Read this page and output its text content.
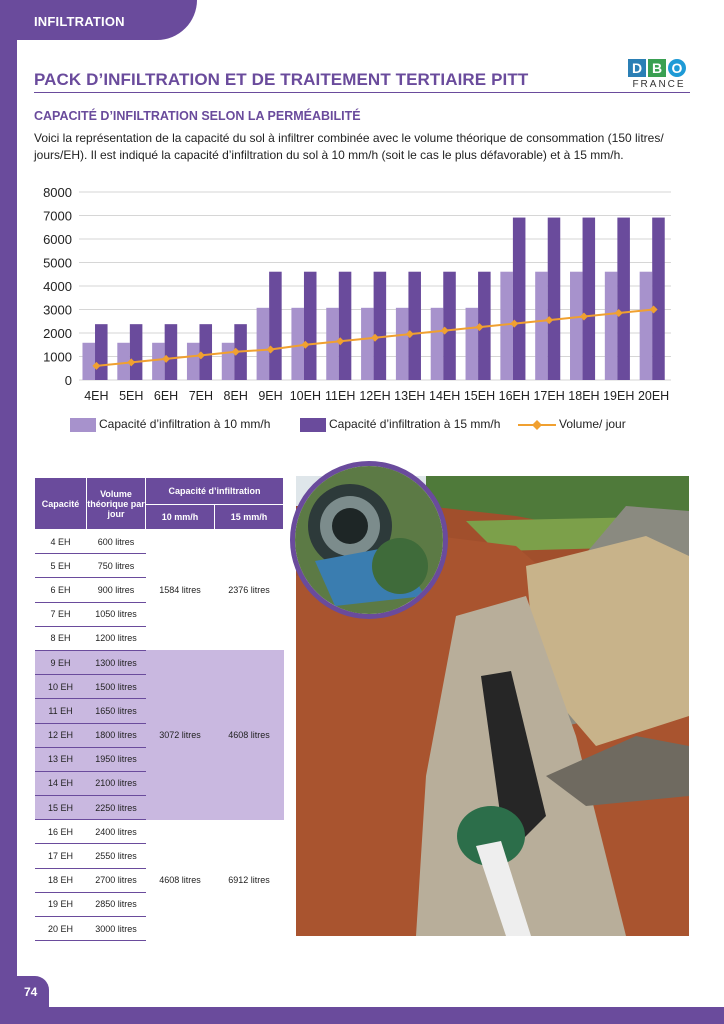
INFILTRATION
PACK D’INFILTRATION ET DE TRAITEMENT TERTIAIRE PITT
D B O
FRANCE
CAPACITÉ D’INFILTRATION SELON LA PERMÉABILITÉ
Voici la représentation de la capacité du sol à infiltrer combinée avec le volume théorique de consommation (150 litres/ jours/EH). Il est indiqué la capacité d’infiltration du sol à 10 mm/h (soit le cas le plus défavorable) et à 15 mm/h.
0
1000
2000
3000
4000
5000
6000
7000
8000
4EH 5EH 6EH 7EH 8EH 9EH 10EH 11EH 12EH 13EH 14EH 15EH 16EH 17EH 18EH 19EH 20EH
Capacité d’infiltration à 10 mm/h	Capacité d’infiltration à 15 mm/h	Volume/ jour
Capacité	Volume théorique par jour	Capacité d’infiltration	
		10 mm/h	15 mm/h
4 EH	600 litres	1584 litres	2376 litres
5 EH	750 litres		
6 EH	900 litres		
7 EH	1050 litres		
8 EH	1200 litres		
9 EH	1300 litres	3072 litres	4608 litres
10 EH	1500 litres		
11 EH	1650 litres		
12 EH	1800 litres		
13 EH	1950 litres		
14 EH	2100 litres		
15 EH	2250 litres		
16 EH	2400 litres	4608 litres	6912 litres
17 EH	2550 litres		
18 EH	2700 litres		
19 EH	2850 litres		
20 EH	3000 litres		
74
